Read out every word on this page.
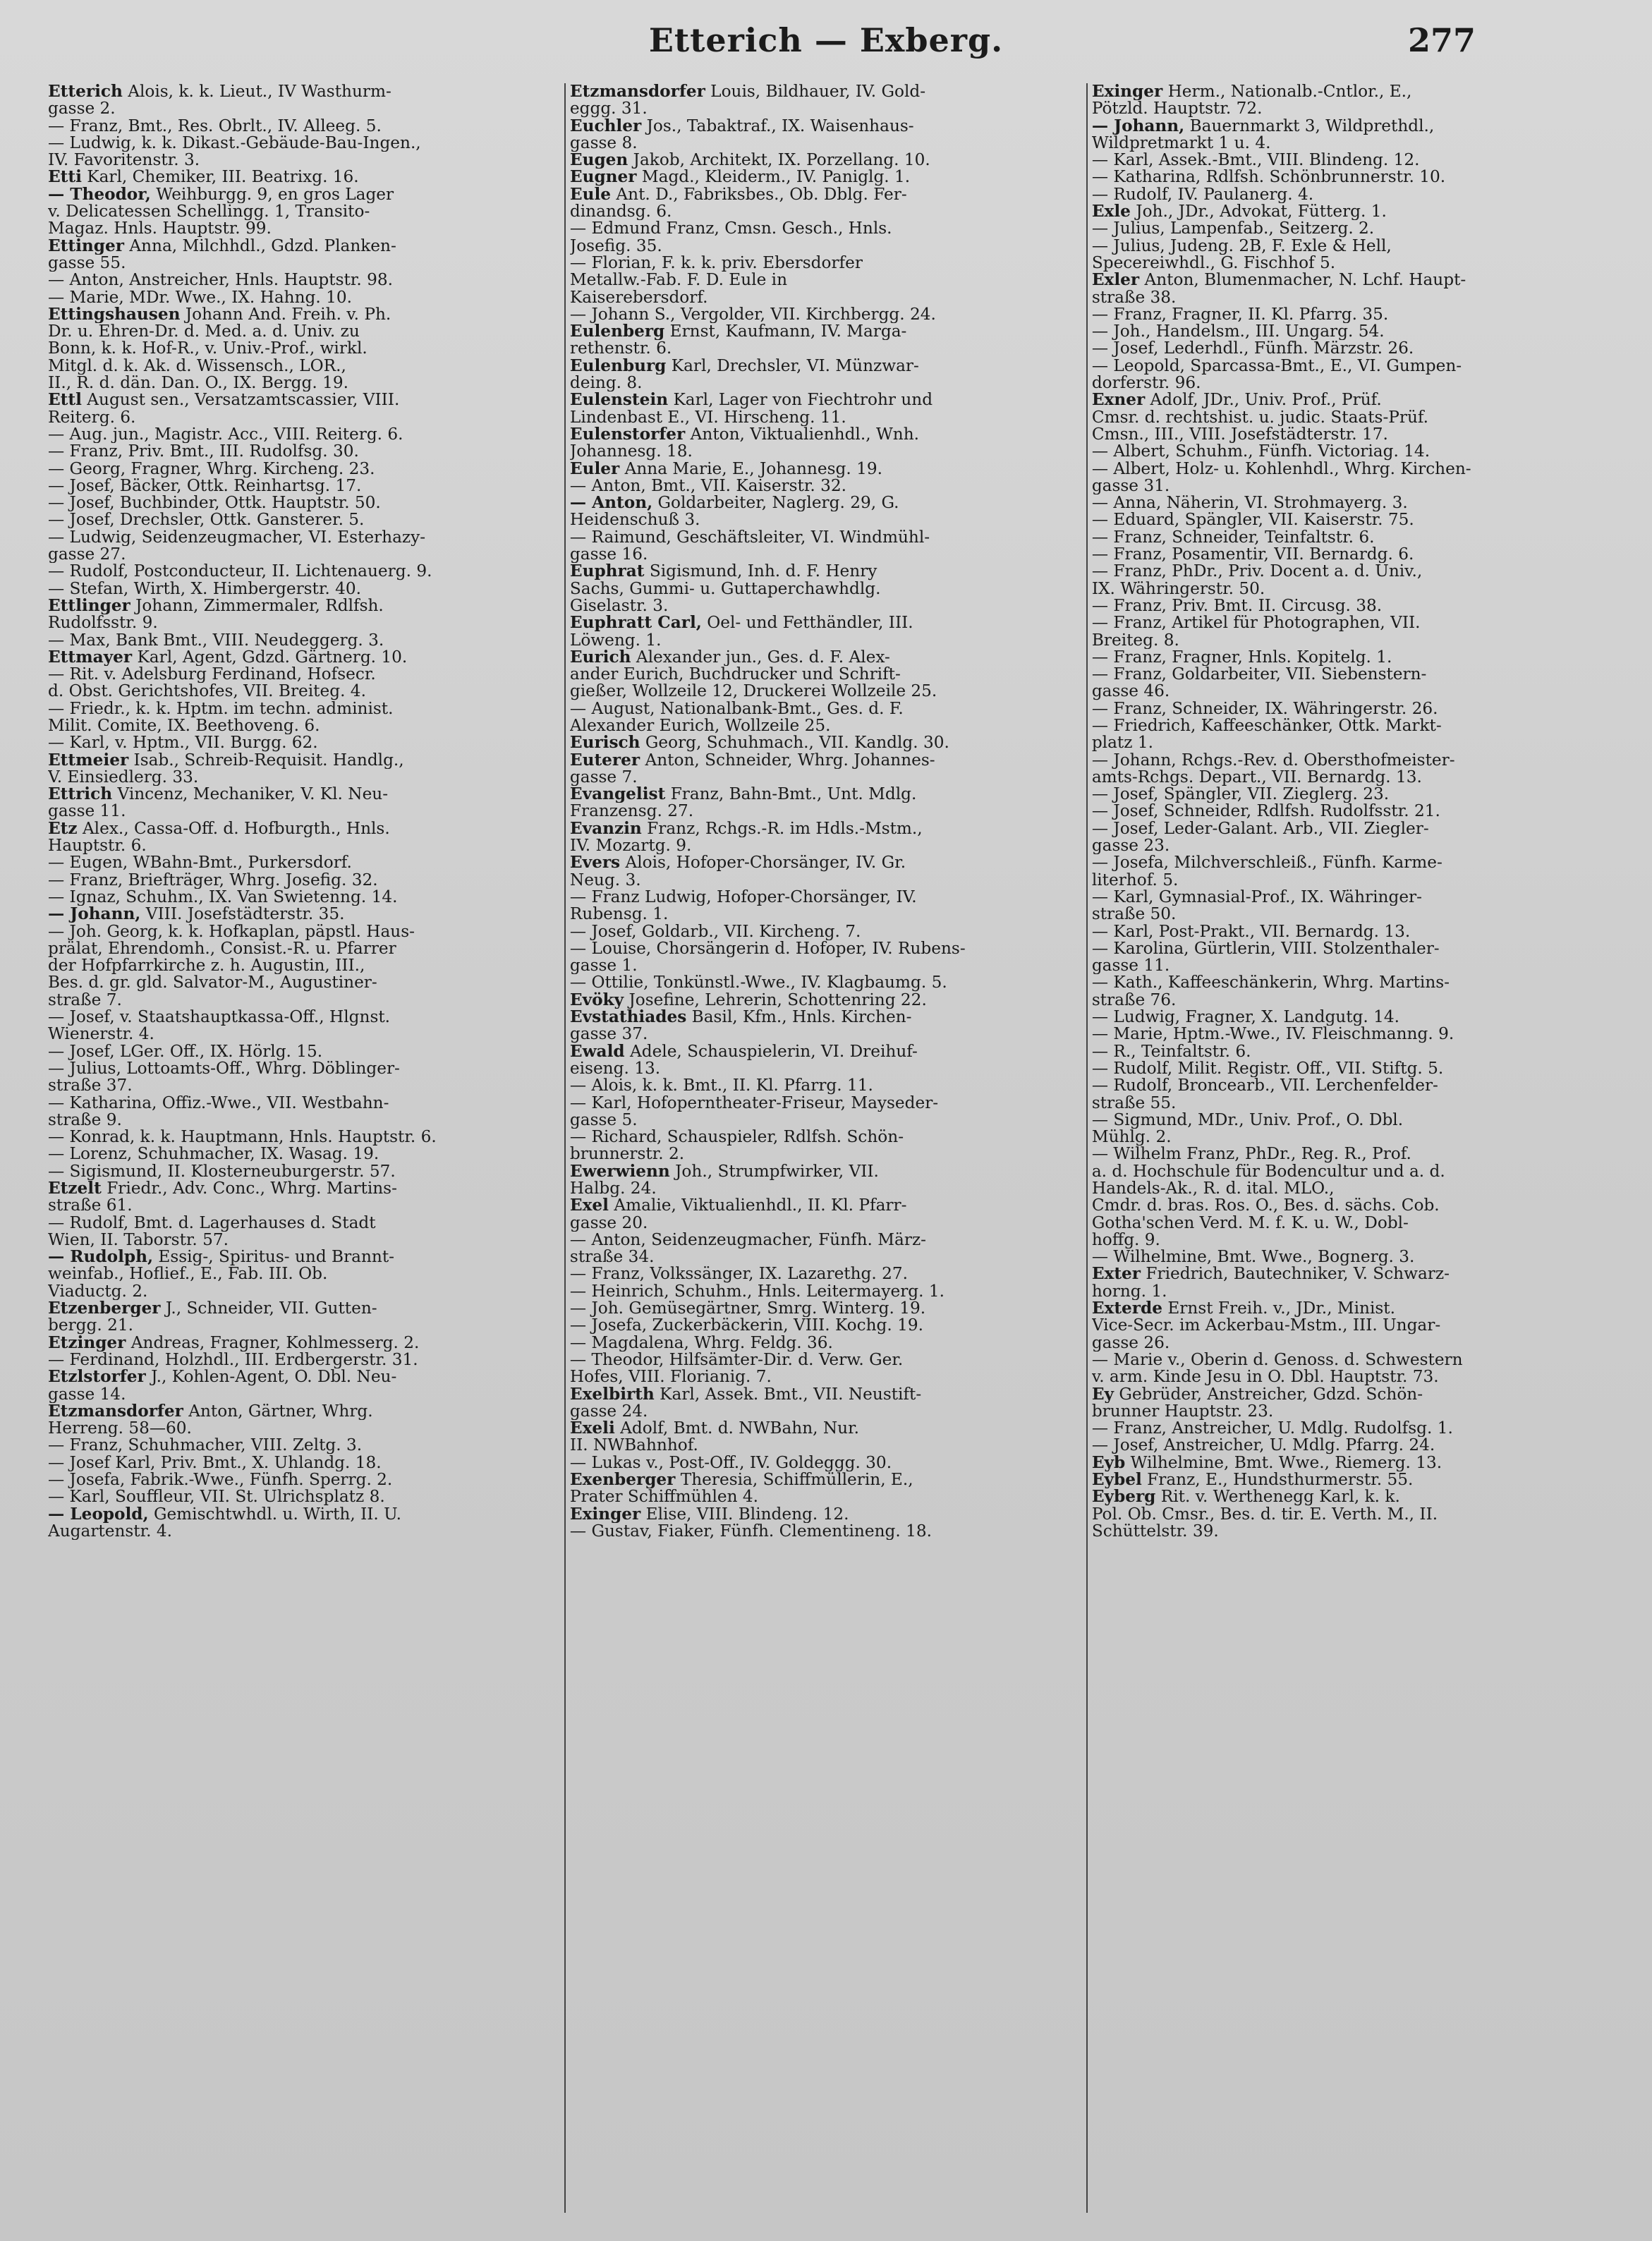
Etterich — Exberg.	277
Etterich Alois, k. k. Lieut., IV Wasthurm-
gasse 2.
— Franz, Bmt., Res. Obrlt., IV. Alleeg. 5.
— Ludwig, k. k. Dikast.-Gebäude-Bau-Ingen.,
IV. Favoritenstr. 3.
Etti Karl, Chemiker, III. Beatrixg. 16.
— Theodor, Weihburgg. 9, en gros Lager
v. Delicatessen Schellingg. 1, Transito-
Magaz. Hnls. Hauptstr. 99.
Ettinger Anna, Milchhdl., Gdzd. Planken-
gasse 55.
— Anton, Anstreicher, Hnls. Hauptstr. 98.
— Marie, MDr. Wwe., IX. Hahng. 10.
Ettingshausen Johann And. Freih. v. Ph.
Dr. u. Ehren-Dr. d. Med. a. d. Univ. zu
Bonn, k. k. Hof-R., v. Univ.-Prof., wirkl.
Mitgl. d. k. Ak. d. Wissensch., LOR.,
II., R. d. dän. Dan. O., IX. Bergg. 19.
Ettl August sen., Versatzamtscassier, VIII.
Reiterg. 6.
— Aug. jun., Magistr. Acc., VIII. Reiterg. 6.
— Franz, Priv. Bmt., III. Rudolfsg. 30.
— Georg, Fragner, Whrg. Kircheng. 23.
— Josef, Bäcker, Ottk. Reinhartsg. 17.
— Josef, Buchbinder, Ottk. Hauptstr. 50.
— Josef, Drechsler, Ottk. Gansterer. 5.
— Ludwig, Seidenzeugmacher, VI. Esterhazy-
gasse 27.
— Rudolf, Postconducteur, II. Lichtenauerg. 9.
— Stefan, Wirth, X. Himbergerstr. 40.
Ettlinger Johann, Zimmermaler, Rdlfsh.
Rudolfsstr. 9.
— Max, Bank Bmt., VIII. Neudeggerg. 3.
Ettmayer Karl, Agent, Gdzd. Gärtnerg. 10.
— Rit. v. Adelsburg Ferdinand, Hofsecr.
d. Obst. Gerichtshofes, VII. Breiteg. 4.
— Friedr., k. k. Hptm. im techn. administ.
Milit. Comite, IX. Beethoveng. 6.
— Karl, v. Hptm., VII. Burgg. 62.
Ettmeier Isab., Schreib-Requisit. Handlg.,
V. Einsiedlerg. 33.
Ettrich Vincenz, Mechaniker, V. Kl. Neu-
gasse 11.
Etz Alex., Cassa-Off. d. Hofburgth., Hnls.
Hauptstr. 6.
— Eugen, WBahn-Bmt., Purkersdorf.
— Franz, Briefträger, Whrg. Josefig. 32.
— Ignaz, Schuhm., IX. Van Swietenng. 14.
— Johann, VIII. Josefstädterstr. 35.
— Joh. Georg, k. k. Hofkaplan, päpstl. Haus-
prälat, Ehrendomh., Consist.-R. u. Pfarrer
der Hofpfarrkirche z. h. Augustin, III.,
Bes. d. gr. gld. Salvator-M., Augustiner-
straße 7.
— Josef, v. Staatshauptkassa-Off., Hlgnst.
Wienerstr. 4.
— Josef, LGer. Off., IX. Hörlg. 15.
— Julius, Lottoamts-Off., Whrg. Döblinger-
straße 37.
— Katharina, Offiz.-Wwe., VII. Westbahn-
straße 9.
— Konrad, k. k. Hauptmann, Hnls. Hauptstr. 6.
— Lorenz, Schuhmacher, IX. Wasag. 19.
— Sigismund, II. Klosterneuburgerstr. 57.
Etzelt Friedr., Adv. Conc., Whrg. Martins-
straße 61.
— Rudolf, Bmt. d. Lagerhauses d. Stadt
Wien, II. Taborstr. 57.
— Rudolph, Essig-, Spiritus- und Brannt-
weinfab., Hoflief., E., Fab. III. Ob.
Viaductg. 2.
Etzenberger J., Schneider, VII. Gutten-
bergg. 21.
Etzinger Andreas, Fragner, Kohlmesserg. 2.
— Ferdinand, Holzhdl., III. Erdbergerstr. 31.
Etzlstorfer J., Kohlen-Agent, O. Dbl. Neu-
gasse 14.
Etzmansdorfer Anton, Gärtner, Whrg.
Herreng. 58—60.
— Franz, Schuhmacher, VIII. Zeltg. 3.
— Josef Karl, Priv. Bmt., X. Uhlandg. 18.
— Josefa, Fabrik.-Wwe., Fünfh. Sperrg. 2.
— Karl, Souffleur, VII. St. Ulrichsplatz 8.
— Leopold, Gemischtwhdl. u. Wirth, II. U.
Augartenstr. 4.
Etzmansdorfer Louis, Bildhauer, IV. Gold-
eggg. 31.
Euchler Jos., Tabaktraf., IX. Waisenhaus-
gasse 8.
Eugen Jakob, Architekt, IX. Porzellang. 10.
Eugner Magd., Kleiderm., IV. Paniglg. 1.
Eule Ant. D., Fabriksbes., Ob. Dblg. Fer-
dinandsg. 6.
— Edmund Franz, Cmsn. Gesch., Hnls.
Josefig. 35.
— Florian, F. k. k. priv. Ebersdorfer
Metallw.-Fab. F. D. Eule in
Kaiserebersdorf.
— Johann S., Vergolder, VII. Kirchbergg. 24.
Eulenberg Ernst, Kaufmann, IV. Marga-
rethenstr. 6.
Eulenburg Karl, Drechsler, VI. Münzwar-
deing. 8.
Eulenstein Karl, Lager von Fiechtrohr und
Lindenbast E., VI. Hirscheng. 11.
Eulenstorfer Anton, Viktualienhdl., Wnh.
Johannesg. 18.
Euler Anna Marie, E., Johannesg. 19.
— Anton, Bmt., VII. Kaiserstr. 32.
— Anton, Goldarbeiter, Naglerg. 29, G.
Heidenschuß 3.
— Raimund, Geschäftsleiter, VI. Windmühl-
gasse 16.
Euphrat Sigismund, Inh. d. F. Henry
Sachs, Gummi- u. Guttaperchawhdlg.
Giselastr. 3.
Euphratt Carl, Oel- und Fetthändler, III.
Löweng. 1.
Eurich Alexander jun., Ges. d. F. Alex-
ander Eurich, Buchdrucker und Schrift-
gießer, Wollzeile 12, Druckerei Wollzeile 25.
— August, Nationalbank-Bmt., Ges. d. F.
Alexander Eurich, Wollzeile 25.
Eurisch Georg, Schuhmach., VII. Kandlg. 30.
Euterer Anton, Schneider, Whrg. Johannes-
gasse 7.
Evangelist Franz, Bahn-Bmt., Unt. Mdlg.
Franzensg. 27.
Evanzin Franz, Rchgs.-R. im Hdls.-Mstm.,
IV. Mozartg. 9.
Evers Alois, Hofoper-Chorsänger, IV. Gr.
Neug. 3.
— Franz Ludwig, Hofoper-Chorsänger, IV.
Rubensg. 1.
— Josef, Goldarb., VII. Kircheng. 7.
— Louise, Chorsängerin d. Hofoper, IV. Rubens-
gasse 1.
— Ottilie, Tonkünstl.-Wwe., IV. Klagbaumg. 5.
Evöky Josefine, Lehrerin, Schottenring 22.
Evstathiades Basil, Kfm., Hnls. Kirchen-
gasse 37.
Ewald Adele, Schauspielerin, VI. Dreihuf-
eiseng. 13.
— Alois, k. k. Bmt., II. Kl. Pfarrg. 11.
— Karl, Hofoperntheater-Friseur, Mayseder-
gasse 5.
— Richard, Schauspieler, Rdlfsh. Schön-
brunnerstr. 2.
Ewerwienn Joh., Strumpfwirker, VII.
Halbg. 24.
Exel Amalie, Viktualienhdl., II. Kl. Pfarr-
gasse 20.
— Anton, Seidenzeugmacher, Fünfh. März-
straße 34.
— Franz, Volkssänger, IX. Lazarethg. 27.
— Heinrich, Schuhm., Hnls. Leitermayerg. 1.
— Joh. Gemüsegärtner, Smrg. Winterg. 19.
— Josefa, Zuckerbäckerin, VIII. Kochg. 19.
— Magdalena, Whrg. Feldg. 36.
— Theodor, Hilfsämter-Dir. d. Verw. Ger.
Hofes, VIII. Florianig. 7.
Exelbirth Karl, Assek. Bmt., VII. Neustift-
gasse 24.
Exeli Adolf, Bmt. d. NWBahn, Nur.
II. NWBahnhof.
— Lukas v., Post-Off., IV. Goldeggg. 30.
Exenberger Theresia, Schiffmüllerin, E.,
Prater Schiffmühlen 4.
Exinger Elise, VIII. Blindeng. 12.
— Gustav, Fiaker, Fünfh. Clementineng. 18.
Exinger Herm., Nationalb.-Cntlor., E.,
Pötzld. Hauptstr. 72.
— Johann, Bauernmarkt 3, Wildprethdl.,
Wildpretmarkt 1 u. 4.
— Karl, Assek.-Bmt., VIII. Blindeng. 12.
— Katharina, Rdlfsh. Schönbrunnerstr. 10.
— Rudolf, IV. Paulanerg. 4.
Exle Joh., JDr., Advokat, Fütterg. 1.
— Julius, Lampenfab., Seitzerg. 2.
— Julius, Judeng. 2B, F. Exle & Hell,
Specereiwhdl., G. Fischhof 5.
Exler Anton, Blumenmacher, N. Lchf. Haupt-
straße 38.
— Franz, Fragner, II. Kl. Pfarrg. 35.
— Joh., Handelsm., III. Ungarg. 54.
— Josef, Lederhdl., Fünfh. Märzstr. 26.
— Leopold, Sparcassa-Bmt., E., VI. Gumpen-
dorferstr. 96.
Exner Adolf, JDr., Univ. Prof., Prüf.
Cmsr. d. rechtshist. u. judic. Staats-Prüf.
Cmsn., III., VIII. Josefstädterstr. 17.
— Albert, Schuhm., Fünfh. Victoriag. 14.
— Albert, Holz- u. Kohlenhdl., Whrg. Kirchen-
gasse 31.
— Anna, Näherin, VI. Strohmayerg. 3.
— Eduard, Spängler, VII. Kaiserstr. 75.
— Franz, Schneider, Teinfaltstr. 6.
— Franz, Posamentir, VII. Bernardg. 6.
— Franz, PhDr., Priv. Docent a. d. Univ.,
IX. Währingerstr. 50.
— Franz, Priv. Bmt. II. Circusg. 38.
— Franz, Artikel für Photographen, VII.
Breiteg. 8.
— Franz, Fragner, Hnls. Kopitelg. 1.
— Franz, Goldarbeiter, VII. Siebenstern-
gasse 46.
— Franz, Schneider, IX. Währingerstr. 26.
— Friedrich, Kaffeeschänker, Ottk. Markt-
platz 1.
— Johann, Rchgs.-Rev. d. Obersthofmeister-
amts-Rchgs. Depart., VII. Bernardg. 13.
— Josef, Spängler, VII. Zieglerg. 23.
— Josef, Schneider, Rdlfsh. Rudolfsstr. 21.
— Josef, Leder-Galant. Arb., VII. Ziegler-
gasse 23.
— Josefa, Milchverschleiß., Fünfh. Karme-
literhof. 5.
— Karl, Gymnasial-Prof., IX. Währinger-
straße 50.
— Karl, Post-Prakt., VII. Bernardg. 13.
— Karolina, Gürtlerin, VIII. Stolzenthaler-
gasse 11.
— Kath., Kaffeeschänkerin, Whrg. Martins-
straße 76.
— Ludwig, Fragner, X. Landgutg. 14.
— Marie, Hptm.-Wwe., IV. Fleischmanng. 9.
— R., Teinfaltstr. 6.
— Rudolf, Milit. Registr. Off., VII. Stiftg. 5.
— Rudolf, Broncearb., VII. Lerchenfelder-
straße 55.
— Sigmund, MDr., Univ. Prof., O. Dbl.
Mühlg. 2.
— Wilhelm Franz, PhDr., Reg. R., Prof.
a. d. Hochschule für Bodencultur und a. d.
Handels-Ak., R. d. ital. MLO.,
Cmdr. d. bras. Ros. O., Bes. d. sächs. Cob.
Gotha'schen Verd. M. f. K. u. W., Dobl-
hoffg. 9.
— Wilhelmine, Bmt. Wwe., Bognerg. 3.
Exter Friedrich, Bautechniker, V. Schwarz-
horng. 1.
Exterde Ernst Freih. v., JDr., Minist.
Vice-Secr. im Ackerbau-Mstm., III. Ungar-
gasse 26.
— Marie v., Oberin d. Genoss. d. Schwestern
v. arm. Kinde Jesu in O. Dbl. Hauptstr. 73.
Ey Gebrüder, Anstreicher, Gdzd. Schön-
brunner Hauptstr. 23.
— Franz, Anstreicher, U. Mdlg. Rudolfsg. 1.
— Josef, Anstreicher, U. Mdlg. Pfarrg. 24.
Eyb Wilhelmine, Bmt. Wwe., Riemerg. 13.
Eybel Franz, E., Hundsthurmerstr. 55.
Eyberg Rit. v. Werthenegg Karl, k. k.
Pol. Ob. Cmsr., Bes. d. tir. E. Verth. M., II.
Schüttelstr. 39.
